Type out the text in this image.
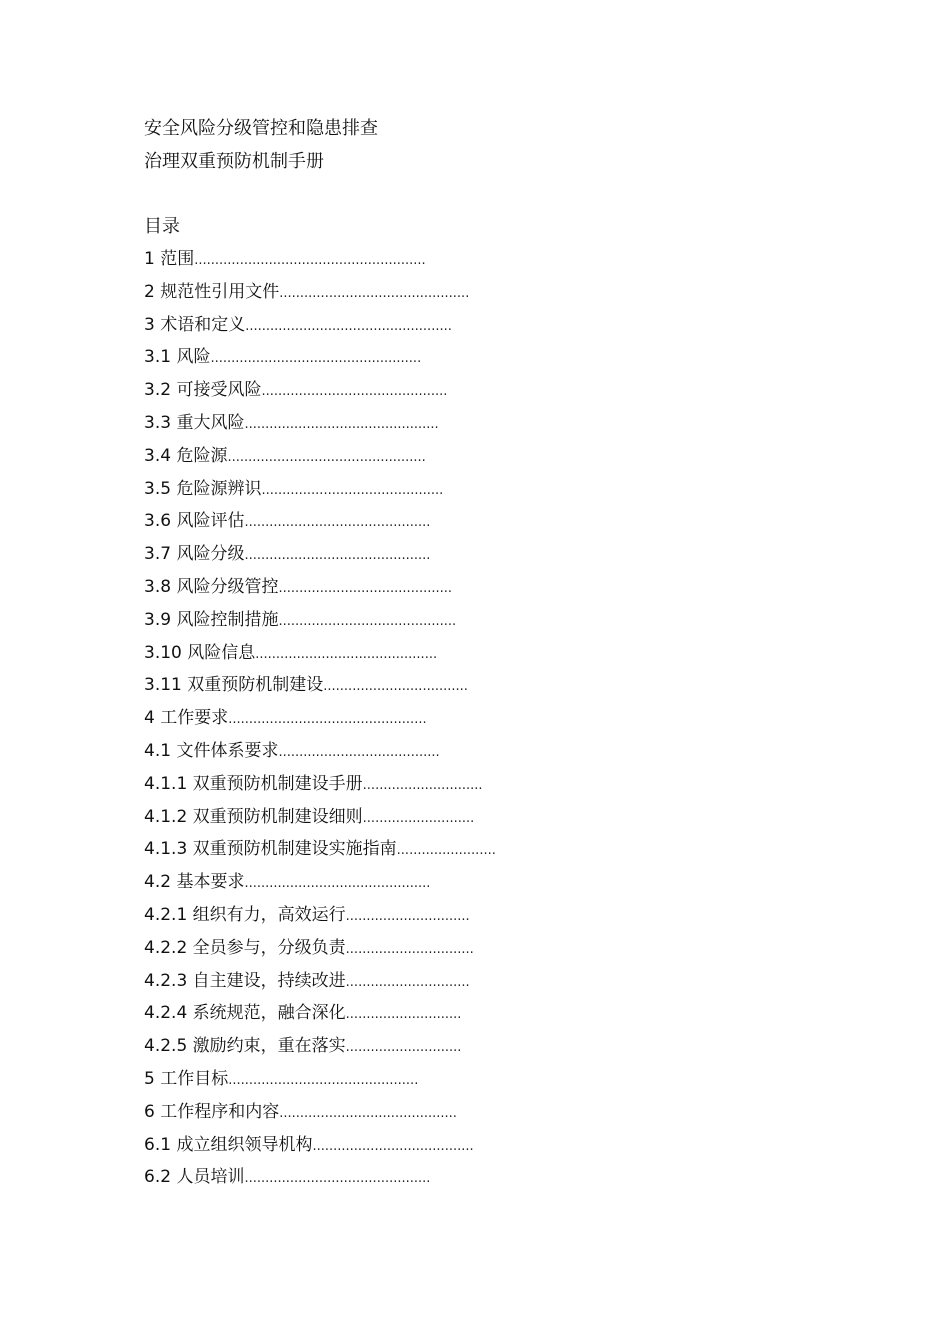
安全风险分级管控和隐患排查
治理双重预防机制手册
目录
1 范围........................................................
2 规范性引用文件..............................................
3 术语和定义..................................................
3.1 风险...................................................
3.2 可接受风险.............................................
3.3 重大风险...............................................
3.4 危险源................................................
3.5 危险源辨识............................................
3.6 风险评估.............................................
3.7 风险分级.............................................
3.8 风险分级管控..........................................
3.9 风险控制措施...........................................
3.10 风险信息............................................
3.11 双重预防机制建设...................................
4 工作要求................................................
4.1 文件体系要求.......................................
4.1.1 双重预防机制建设手册.............................
4.1.2 双重预防机制建设细则...........................
4.1.3 双重预防机制建设实施指南........................
4.2 基本要求.............................................
4.2.1 组织有力，高效运行..............................
4.2.2 全员参与，分级负责...............................
4.2.3 自主建设，持续改进..............................
4.2.4 系统规范，融合深化............................
4.2.5 激励约束，重在落实............................
5 工作目标..............................................
6 工作程序和内容...........................................
6.1 成立组织领导机构.......................................
6.2 人员培训.............................................
